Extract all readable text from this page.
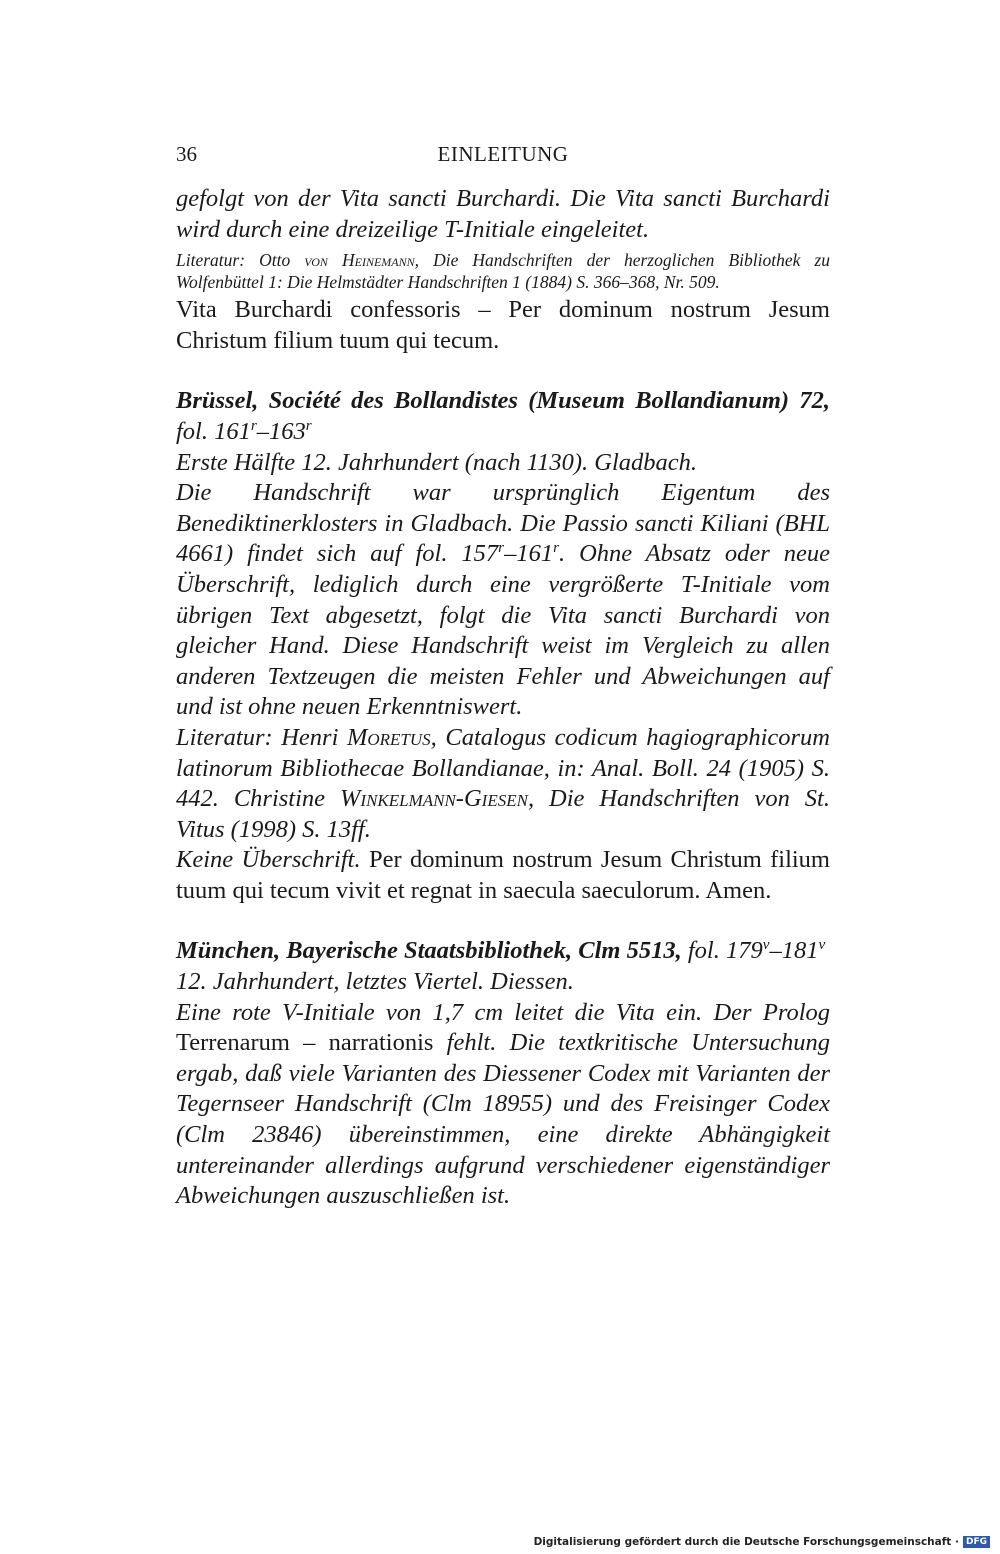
36	EINLEITUNG

gefolgt von der Vita sancti Burchardi. Die Vita sancti Burchardi wird durch eine dreizeilige T-Initiale eingeleitet.

Literatur: Otto von Heinemann, Die Handschriften der herzoglichen Bibliothek zu Wolfenbüttel 1: Die Helmstädter Handschriften 1 (1884) S. 366–368, Nr. 509.

Vita Burchardi confessoris – Per dominum nostrum Jesum Christum filium tuum qui tecum.

Brüssel, Société des Bollandistes (Museum Bollandianum) 72, fol. 161$^r$–163$^r$

Erste Hälfte 12. Jahrhundert (nach 1130). Gladbach.

Die Handschrift war ursprünglich Eigentum des Benediktinerklosters in Gladbach. Die Passio sancti Kiliani (BHL 4661) findet sich auf fol. 157$^r$–161$^r$. Ohne Absatz oder neue Überschrift, lediglich durch eine vergrößerte T-Initiale vom übrigen Text abgesetzt, folgt die Vita sancti Burchardi von gleicher Hand. Diese Handschrift weist im Vergleich zu allen anderen Textzeugen die meisten Fehler und Abweichungen auf und ist ohne neuen Erkenntniswert.

Literatur: Henri Moretus, Catalogus codicum hagiographicorum latinorum Bibliothecae Bollandianae, in: Anal. Boll. 24 (1905) S. 442. Christine Winkelmann-Giesen, Die Handschriften von St. Vitus (1998) S. 13ff.

Keine Überschrift. Per dominum nostrum Jesum Christum filium tuum qui tecum vivit et regnat in saecula saeculorum. Amen.

München, Bayerische Staatsbibliothek, Clm 5513, fol. 179$^v$–181$^v$

12. Jahrhundert, letztes Viertel. Diessen.

Eine rote V-Initiale von 1,7 cm leitet die Vita ein. Der Prolog Terrenarum – narrationis fehlt. Die textkritische Untersuchung ergab, daß viele Varianten des Diessener Codex mit Varianten der Tegernseer Handschrift (Clm 18955) und des Freisinger Codex (Clm 23846) übereinstimmen, eine direkte Abhängigkeit untereinander allerdings aufgrund verschiedener eigenständiger Abweichungen auszuschließen ist.

Digitalisierung gefördert durch die Deutsche Forschungsgemeinschaft · DFG
